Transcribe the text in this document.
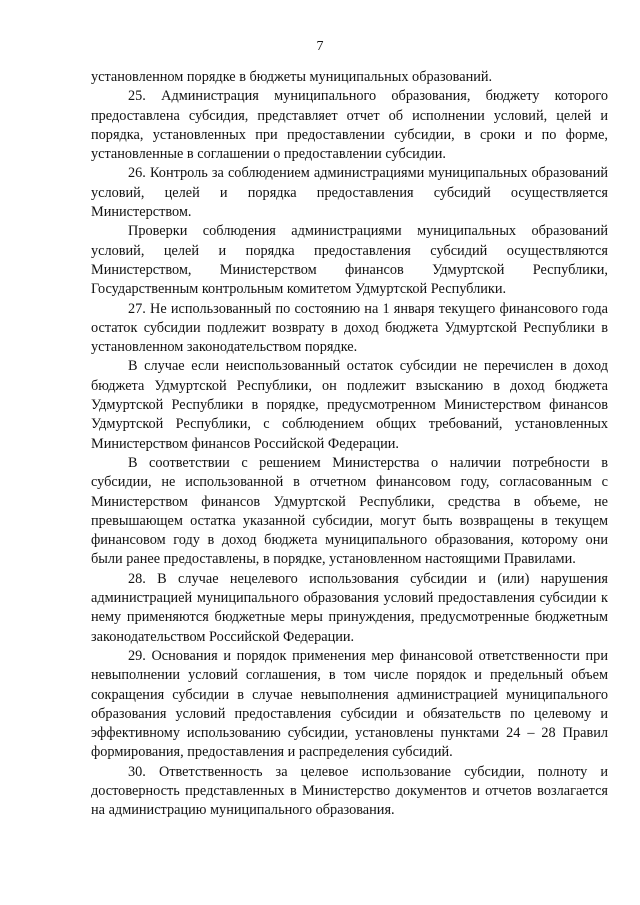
7

установленном порядке в бюджеты муниципальных образований.

25. Администрация муниципального образования, бюджету которого предоставлена субсидия, представляет отчет об исполнении условий, целей и порядка, установленных при предоставлении субсидии, в сроки и по форме, установленные в соглашении о предоставлении субсидии.

26. Контроль за соблюдением администрациями муниципальных образований условий, целей и порядка предоставления субсидий осуществляется Министерством.

Проверки соблюдения администрациями муниципальных образований условий, целей и порядка предоставления субсидий осуществляются Министерством, Министерством финансов Удмуртской Республики, Государственным контрольным комитетом Удмуртской Республики.

27. Не использованный по состоянию на 1 января текущего финансового года остаток субсидии подлежит возврату в доход бюджета Удмуртской Республики в установленном законодательством порядке.

В случае если неиспользованный остаток субсидии не перечислен в доход бюджета Удмуртской Республики, он подлежит взысканию в доход бюджета Удмуртской Республики в порядке, предусмотренном Министерством финансов Удмуртской Республики, с соблюдением общих требований, установленных Министерством финансов Российской Федерации.

В соответствии с решением Министерства о наличии потребности в субсидии, не использованной в отчетном финансовом году, согласованным с Министерством финансов Удмуртской Республики, средства в объеме, не превышающем остатка указанной субсидии, могут быть возвращены в текущем финансовом году в доход бюджета муниципального образования, которому они были ранее предоставлены, в порядке, установленном настоящими Правилами.

28. В случае нецелевого использования субсидии и (или) нарушения администрацией муниципального образования условий предоставления субсидии к нему применяются бюджетные меры принуждения, предусмотренные бюджетным законодательством Российской Федерации.

29. Основания и порядок применения мер финансовой ответственности при невыполнении условий соглашения, в том числе порядок и предельный объем сокращения субсидии в случае невыполнения администрацией муниципального образования условий предоставления субсидии и обязательств по целевому и эффективному использованию субсидии, установлены пунктами 24 – 28 Правил формирования, предоставления и распределения субсидий.

30. Ответственность за целевое использование субсидии, полноту и достоверность представленных в Министерство документов и отчетов возлагается на администрацию муниципального образования.
